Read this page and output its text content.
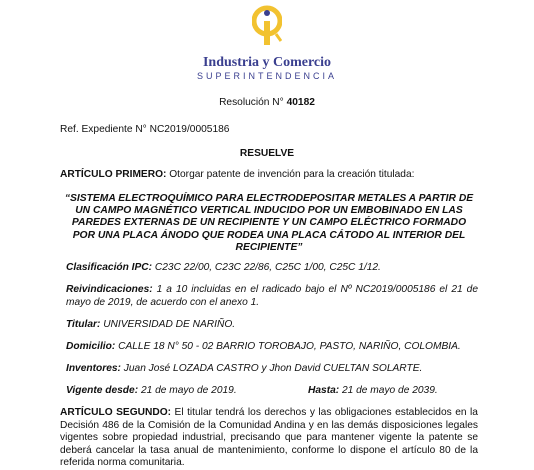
Industria y Comercio
SUPERINTENDENCIA
Resolución N° 40182
Ref. Expediente N° NC2019/0005186
RESUELVE
ARTÍCULO PRIMERO: Otorgar patente de invención para la creación titulada:
“SISTEMA ELECTROQUÍMICO PARA ELECTRODEPOSITAR METALES A PARTIR DE UN CAMPO MAGNÉTICO VERTICAL INDUCIDO POR UN EMBOBINADO EN LAS PAREDES EXTERNAS DE UN RECIPIENTE Y UN CAMPO ELÉCTRICO FORMADO POR UNA PLACA ÁNODO QUE RODEA UNA PLACA CÁTODO AL INTERIOR DEL RECIPIENTE”
Clasificación IPC: C23C 22/00, C23C 22/86, C25C 1/00, C25C 1/12.
Reivindicaciones: 1 a 10 incluidas en el radicado bajo el Nº NC2019/0005186 el 21 de mayo de 2019, de acuerdo con el anexo 1.
Titular: UNIVERSIDAD DE NARIÑO.
Domicilio: CALLE 18 N° 50 - 02 BARRIO TOROBAJO, PASTO, NARIÑO, COLOMBIA.
Inventores: Juan José LOZADA CASTRO y Jhon David CUELTAN SOLARTE.
Vigente desde: 21 de mayo de 2019.	Hasta: 21 de mayo de 2039.
ARTÍCULO SEGUNDO: El titular tendrá los derechos y las obligaciones establecidos en la Decisión 486 de la Comisión de la Comunidad Andina y en las demás disposiciones legales vigentes sobre propiedad industrial, precisando que para mantener vigente la patente se deberá cancelar la tasa anual de mantenimiento, conforme lo dispone el artículo 80 de la referida norma comunitaria.
